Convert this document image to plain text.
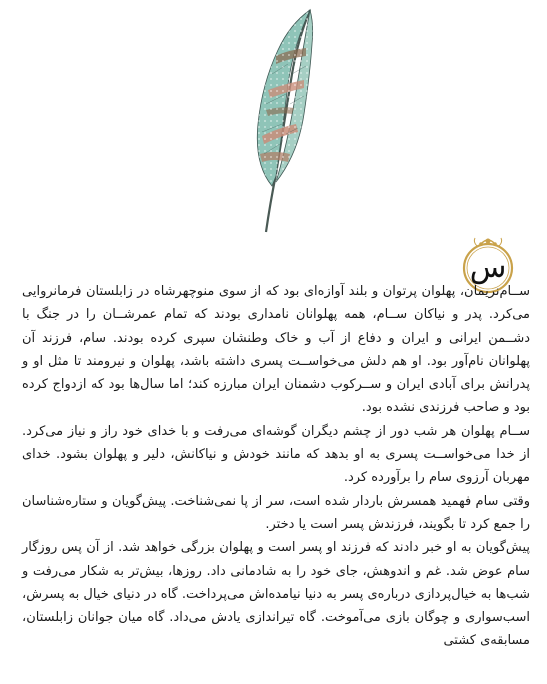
س

ســام‌نریمان، پهلوان پرتوان و بلند آوازه‌ای بود که از سوی منوچهرشاه در زابلستان فرمانروایی می‌کرد. پدر و نیاکان ســام، همه پهلوانان نامداری بودند که تمام عمرشــان را در جنگ با دشــمن ایرانی و ایران و دفاع از آب و خاک وطنشان سپری کرده بودند. سام، فرزند آن پهلوانان نام‌آور بود. او هم دلش می‌خواســت پسری داشته باشد، پهلوان و نیرومند تا مثل او و پدرانش برای آبادی ایران و ســرکوب دشمنان ایران مبارزه کند؛ اما سال‌ها بود که ازدواج کرده بود و صاحب فرزندی نشده بود.

ســام پهلوان هر شب دور از چشم دیگران گوشه‌ای می‌رفت و با خدای خود راز و نیاز می‌کرد. از خدا می‌خواســت پسری به او بدهد که مانند خودش و نیاکانش، دلیر و پهلوان بشود. خدای مهربان آرزوی سام را برآورده کرد.

وقتی سام فهمید همسرش باردار شده است، سر از پا نمی‌شناخت. پیش‌گویان و ستاره‌شناسان را جمع کرد تا بگویند، فرزندش پسر است یا دختر.

پیش‌گویان به او خبر دادند که فرزند او پسر است و پهلوان بزرگی خواهد شد. از آن پس روزگار سام عوض شد. غم و اندوهش، جای خود را به شادمانی داد. روزها، بیش‌تر به شکار می‌رفت و شب‌ها به خیال‌پردازی درباره‌ی پسر به دنیا نیامده‌اش می‌پرداخت. گاه در دنیای خیال به پسرش، اسب‌سواری و چوگان بازی می‌آموخت. گاه تیراندازی یادش می‌داد. گاه میان جوانان زابلستان، مسابقه‌ی کشتی
